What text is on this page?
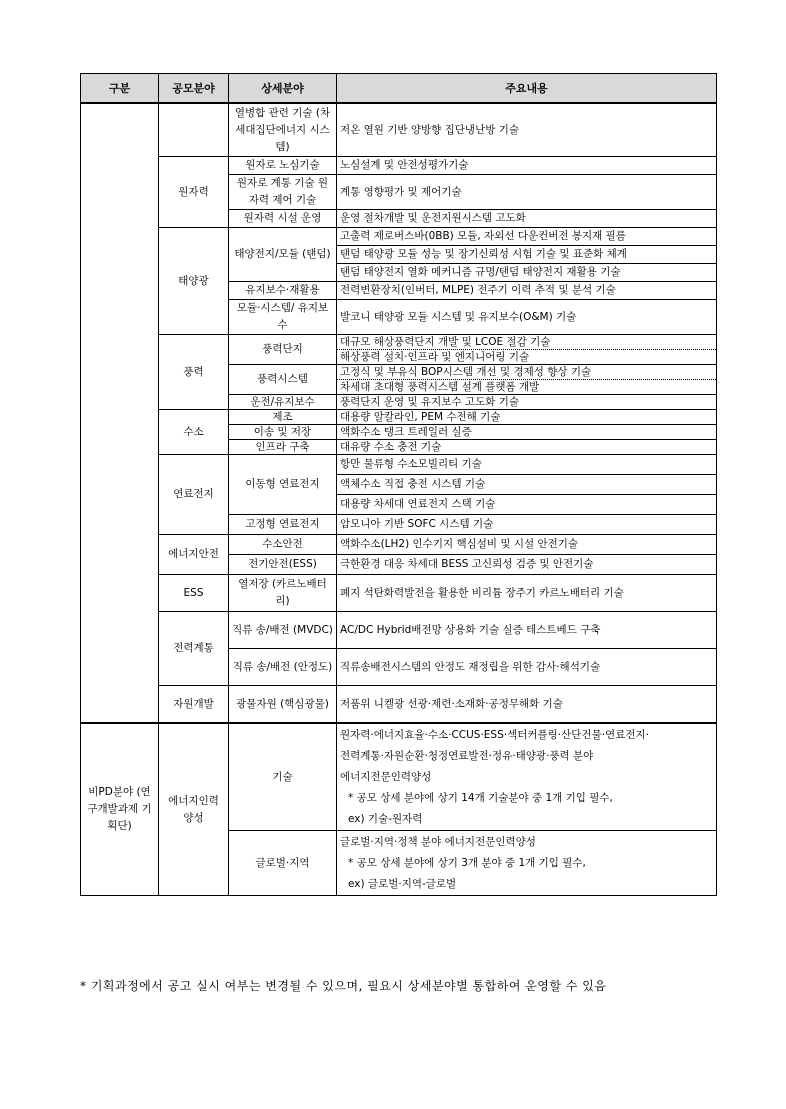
구분	공모분야	상세분야	주요내용
		열병합 관련 기술 (차세대집단에너지 시스템)	저온 열원 기반 양방향 집단냉난방 기술
	원자력	원자로 노심기술	노심설계 및 안전성평가기술
		원자로 계통 기술 원자력 제어 기술	계통 영향평가 및 제어기술
		원자력 시설 운영	운영 절차개발 및 운전지원시스템 고도화
	태양광	태양전지/모듈 (탠덤)	고출력 제로버스바(0BB) 모듈, 자외선 다운컨버전 봉지재 필름
			탠덤 태양광 모듈 성능 및 장기신뢰성 시험 기술 및 표준화 체계
			탠덤 태양전지 열화 메커니즘 규명/탠덤 태양전지 재활용 기술
		유지보수·재활용	전력변환장치(인버터, MLPE) 전주기 이력 추적 및 분석 기술
		모듈·시스템/ 유지보수	발코니 태양광 모듈 시스템 및 유지보수(O&M) 기술
	풍력	풍력단지	대규모 해상풍력단지 개발 및 LCOE 절감 기술
			해상풍력 설치·인프라 및 엔지니어링 기술
		풍력시스템	고정식 및 부유식 BOP시스템 개선 및 경제성 향상 기술
			차세대 초대형 풍력시스템 설계 플랫폼 개발
		운전/유지보수	풍력단지 운영 및 유지보수 고도화 기술
	수소	제조	대용량 알칼라인, PEM 수전해 기술
		이송 및 저장	액화수소 탱크 트레일러 실증
		인프라 구축	대유량 수소 충전 기술
	연료전지	이동형 연료전지	항만 물류형 수소모빌리티 기술
			액체수소 직접 충전 시스템 기술
			대용량 차세대 연료전지 스택 기술
		고정형 연료전지	암모니아 기반 SOFC 시스템 기술
	에너지안전	수소안전	액화수소(LH2) 인수기지 핵심설비 및 시설 안전기술
		전기안전(ESS)	극한환경 대응 차세대 BESS 고신뢰성 검증 및 안전기술
	ESS	열저장 (카르노배터리)	폐지 석탄화력발전을 활용한 비리튬 장주기 카르노배터리 기술
	전력계통	직류 송/배전 (MVDC)	AC/DC Hybrid배전망 상용화 기술 실증 테스트베드 구축
		직류 송/배전 (안정도)	직류송배전시스템의 안정도 재정립을 위한 감사·해석기술
	자원개발	광물자원 (핵심광물)	저품위 니켈광 선광·제련·소재화·공정무해화 기술
비PD분야 (연구개발과제 기획단)	에너지인력 양성	기술	원자력·에너지효율·수소·CCUS·ESS·섹터커플링·산단건물·연료전지·
전력계통·자원순환·청정연료발전·정유·태양광·풍력 분야
에너지전문인력양성
* 공모 상세 분야에 상기 14개 기술분야 중 1개 기입 필수,
ex) 기술-원자력

		글로벌·지역	글로벌·지역·정책 분야 에너지전문인력양성
* 공모 상세 분야에 상기 3개 분야 중 1개 기입 필수,
ex) 글로벌·지역-글로벌
* 기획과정에서 공고 실시 여부는 변경될 수 있으며, 필요시 상세분야별 통합하여 운영할 수 있음
